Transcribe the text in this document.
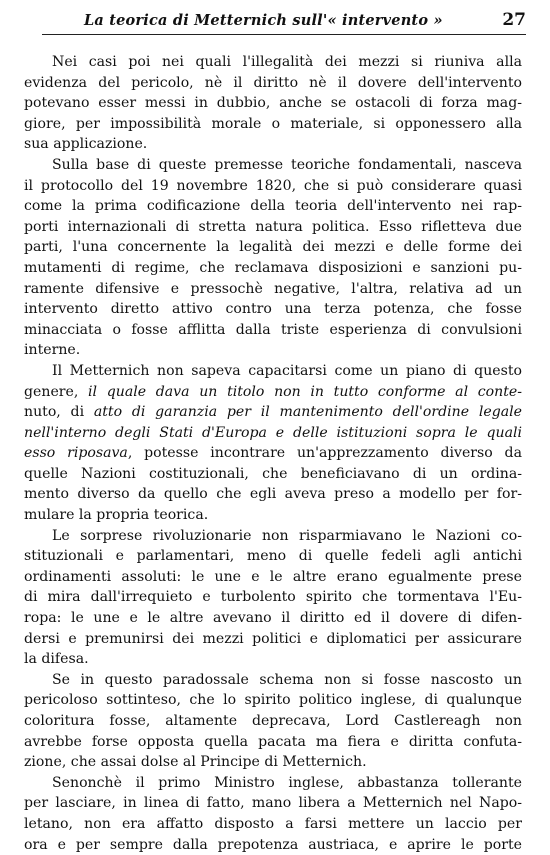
La teorica di Metternich sull'« intervento »	27
Nei casi poi nei quali l'illegalità dei mezzi si riuniva alla
evidenza del pericolo, nè il diritto nè il dovere dell'intervento
potevano esser messi in dubbio, anche se ostacoli di forza mag-
giore, per impossibilità morale o materiale, si opponessero alla
sua applicazione.
Sulla base di queste premesse teoriche fondamentali, nasceva
il protocollo del 19 novembre 1820, che si può considerare quasi
come la prima codificazione della teoria dell'intervento nei rap-
porti internazionali di stretta natura politica. Esso rifletteva due
parti, l'una concernente la legalità dei mezzi e delle forme dei
mutamenti di regime, che reclamava disposizioni e sanzioni pu-
ramente difensive e pressochè negative, l'altra, relativa ad un
intervento diretto attivo contro una terza potenza, che fosse
minacciata o fosse afflitta dalla triste esperienza di convulsioni
interne.
Il Metternich non sapeva capacitarsi come un piano di questo
genere, il quale dava un titolo non in tutto conforme al conte-
nuto, di atto di garanzia per il mantenimento dell'ordine legale
nell'interno degli Stati d'Europa e delle istituzioni sopra le quali
esso riposava, potesse incontrare un'apprezzamento diverso da
quelle Nazioni costituzionali, che beneficiavano di un ordina-
mento diverso da quello che egli aveva preso a modello per for-
mulare la propria teorica.
Le sorprese rivoluzionarie non risparmiavano le Nazioni co-
stituzionali e parlamentari, meno di quelle fedeli agli antichi
ordinamenti assoluti: le une e le altre erano egualmente prese
di mira dall'irrequieto e turbolento spirito che tormentava l'Eu-
ropa: le une e le altre avevano il diritto ed il dovere di difen-
dersi e premunirsi dei mezzi politici e diplomatici per assicurare
la difesa.
Se in questo paradossale schema non si fosse nascosto un
pericoloso sottinteso, che lo spirito politico inglese, di qualunque
coloritura fosse, altamente deprecava, Lord Castlereagh non
avrebbe forse opposta quella pacata ma fiera e diritta confuta-
zione, che assai dolse al Principe di Metternich.
Senonchè il primo Ministro inglese, abbastanza tollerante
per lasciare, in linea di fatto, mano libera a Metternich nel Napo-
letano, non era affatto disposto a farsi mettere un laccio per
ora e per sempre dalla prepotenza austriaca, e aprire le porte
